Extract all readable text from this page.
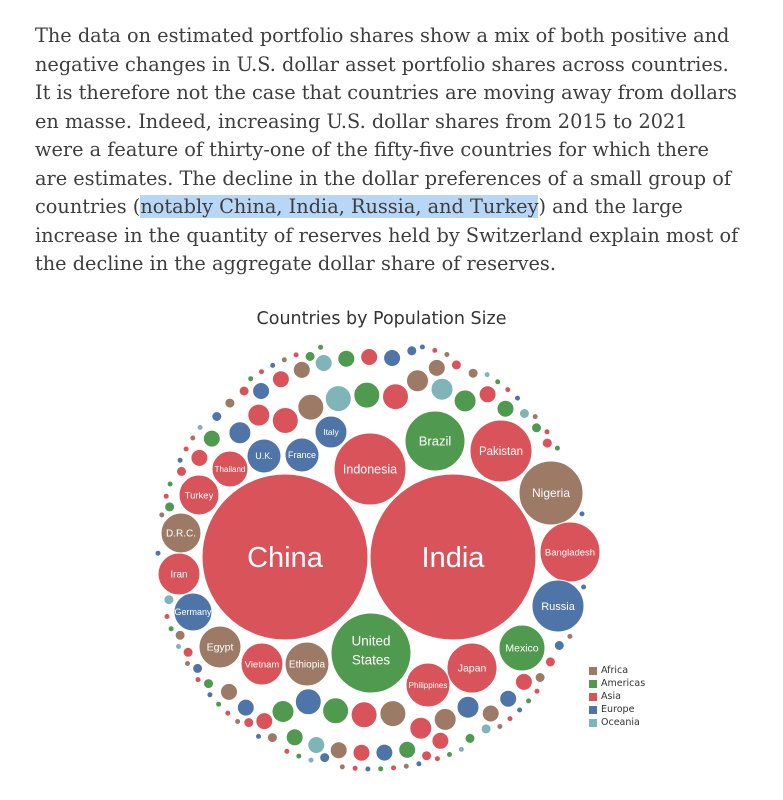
The data on estimated portfolio shares show a mix of both positive and negative changes in U.S. dollar asset portfolio shares across countries. It is therefore not the case that countries are moving away from dollars en masse. Indeed, increasing U.S. dollar shares from 2015 to 2021 were a feature of thirty-one of the fifty-five countries for which there are estimates. The decline in the dollar preferences of a small group of countries (notably China, India, Russia, and Turkey) and the large increase in the quantity of reserves held by Switzerland explain most of the decline in the aggregate dollar share of reserves.

Countries by Population Size
China	India
Indonesia
Brazil
Pakistan
Nigeria
Bangladesh
Russia
Mexico
Japan
United
States
Philippines
Ethiopia
Vietnam
Egypt
Germany
Iran
D.R.C.
Turkey
Thailand
U.K. France
Italy
Africa
Americas
Asia
Europe
Oceania
